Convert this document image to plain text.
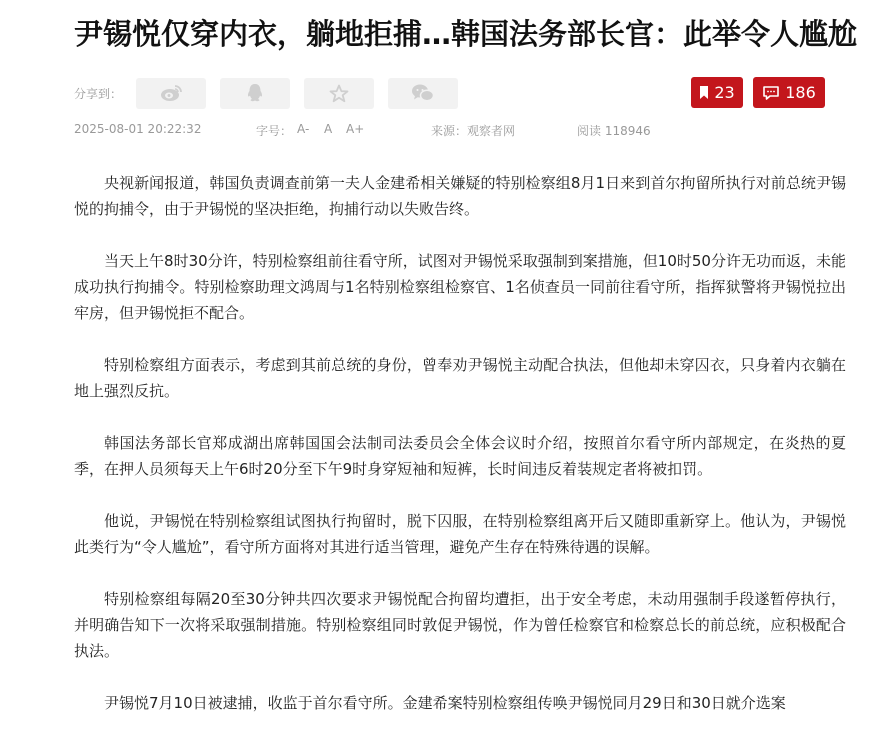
尹锡悦仅穿内衣，躺地拒捕…韩国法务部长官：此举令人尴尬
分享到：	23	186
2025-08-01 20:22:32	字号： A- A A+	来源：观察者网	阅读 118946

央视新闻报道，韩国负责调查前第一夫人金建希相关嫌疑的特别检察组8月1日来到首尔拘留所执行对前总统尹锡悦的拘捕令，由于尹锡悦的坚决拒绝，拘捕行动以失败告终。

当天上午8时30分许，特别检察组前往看守所，试图对尹锡悦采取强制到案措施，但10时50分许无功而返，未能成功执行拘捕令。特别检察助理文鸿周与1名特别检察组检察官、1名侦查员一同前往看守所，指挥狱警将尹锡悦拉出牢房，但尹锡悦拒不配合。

特别检察组方面表示，考虑到其前总统的身份，曾奉劝尹锡悦主动配合执法，但他却未穿囚衣，只身着内衣躺在地上强烈反抗。

韩国法务部长官郑成湖出席韩国国会法制司法委员会全体会议时介绍，按照首尔看守所内部规定，在炎热的夏季，在押人员须每天上午6时20分至下午9时身穿短袖和短裤，长时间违反着装规定者将被扣罚。

他说，尹锡悦在特别检察组试图执行拘留时，脱下囚服，在特别检察组离开后又随即重新穿上。他认为，尹锡悦此类行为“令人尴尬”，看守所方面将对其进行适当管理，避免产生存在特殊待遇的误解。

特别检察组每隔20至30分钟共四次要求尹锡悦配合拘留均遭拒，出于安全考虑，未动用强制手段遂暂停执行，并明确告知下一次将采取强制措施。特别检察组同时敦促尹锡悦，作为曾任检察官和检察总长的前总统，应积极配合执法。

尹锡悦7月10日被逮捕，收监于首尔看守所。金建希案特别检察组传唤尹锡悦同月29日和30日就介选案
